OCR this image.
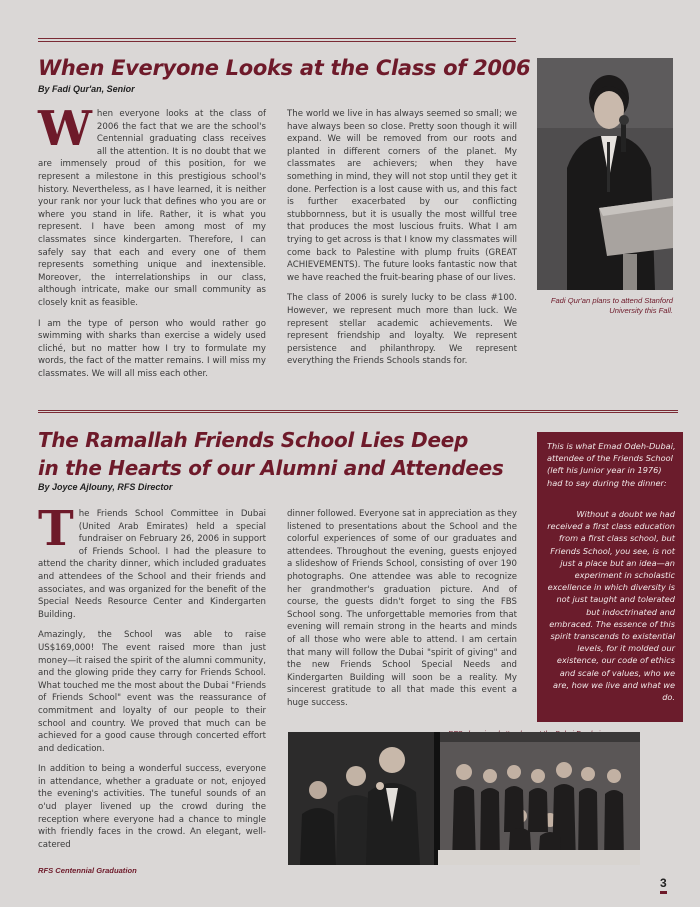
When Everyone Looks at the Class of 2006
By Fadi Qur'an, Senior

When everyone looks at the class of 2006 the fact that we are the school's Centennial graduating class receives all the attention. It is no doubt that we are immensely proud of this position, for we represent a milestone in this prestigious school's history. Nevertheless, as I have learned, it is neither your rank nor your luck that defines who you are or where you stand in life. Rather, it is what you represent. I have been among most of my classmates since kindergarten. Therefore, I can safely say that each and every one of them represents something unique and inextensible. Moreover, the interrelationships in our class, although intricate, make our small community as closely knit as feasible.

I am the type of person who would rather go swimming with sharks than exercise a widely used cliché, but no matter how I try to formulate my words, the fact of the matter remains. I will miss my classmates. We will all miss each other.

The world we live in has always seemed so small; we have always been so close. Pretty soon though it will expand. We will be removed from our roots and planted in different corners of the planet. My classmates are achievers; when they have something in mind, they will not stop until they get it done. Perfection is a lost cause with us, and this fact is further exacerbated by our conflicting stubbornness, but it is usually the most willful tree that produces the most luscious fruits. What I am trying to get across is that I know my classmates will come back to Palestine with plump fruits (GREAT ACHIEVEMENTS). The future looks fantastic now that we have reached the fruit-bearing phase of our lives.

The class of 2006 is surely lucky to be class #100. However, we represent much more than luck. We represent stellar academic achievements. We represent friendship and loyalty. We represent persistence and philanthropy. We represent everything the Friends Schools stands for.

Fadi Qur'an plans to attend Stanford University this Fall.
The Ramallah Friends School Lies Deep
in the Hearts of our Alumni and Attendees
By Joyce Ajlouny, RFS Director

The Friends School Committee in Dubai (United Arab Emirates) held a special fundraiser on February 26, 2006 in support of Friends School. I had the pleasure to attend the charity dinner, which included graduates and attendees of the School and their friends and associates, and was organized for the benefit of the Special Needs Resource Center and Kindergarten Building.

Amazingly, the School was able to raise US$169,000! The event raised more than just money—it raised the spirit of the alumni community, and the glowing pride they carry for Friends School. What touched me the most about the Dubai "Friends of Friends School" event was the reassurance of commitment and loyalty of our people to their school and country. We proved that much can be achieved for a good cause through concerted effort and dedication.

In addition to being a wonderful success, everyone in attendance, whether a graduate or not, enjoyed the evening's activities. The tuneful sounds of an o'ud player livened up the crowd during the reception where everyone had a chance to mingle with friendly faces in the crowd. An elegant, well-catered

dinner followed. Everyone sat in appreciation as they listened to presentations about the School and the colorful experiences of some of our graduates and attendees. Throughout the evening, guests enjoyed a slideshow of Friends School, consisting of over 190 photographs. One attendee was able to recognize her grandmother's graduation picture. And of course, the guests didn't forget to sing the FBS School song. The unforgettable memories from that evening will remain strong in the hearts and minds of all those who were able to attend. I am certain that many will follow the Dubai "spirit of giving" and the new Friends School Special Needs and Kindergarten Building will soon be a reality. My sincerest gratitude to all that made this event a huge success.

This is what Emad Odeh-Dubai, attendee of the Friends School (left his Junior year in 1976) had to say during the dinner:
Without a doubt we had received a first class education from a first class school, but Friends School, you see, is not just a place but an idea—an experiment in scholastic excellence in which diversity is not just taught and tolerated but indoctrinated and embraced. The essence of this spirit transcends to existential levels, for it molded our existence, our code of ethics and scale of values, who we are, how we live and what we do.
RFS Centennial Graduation
3
